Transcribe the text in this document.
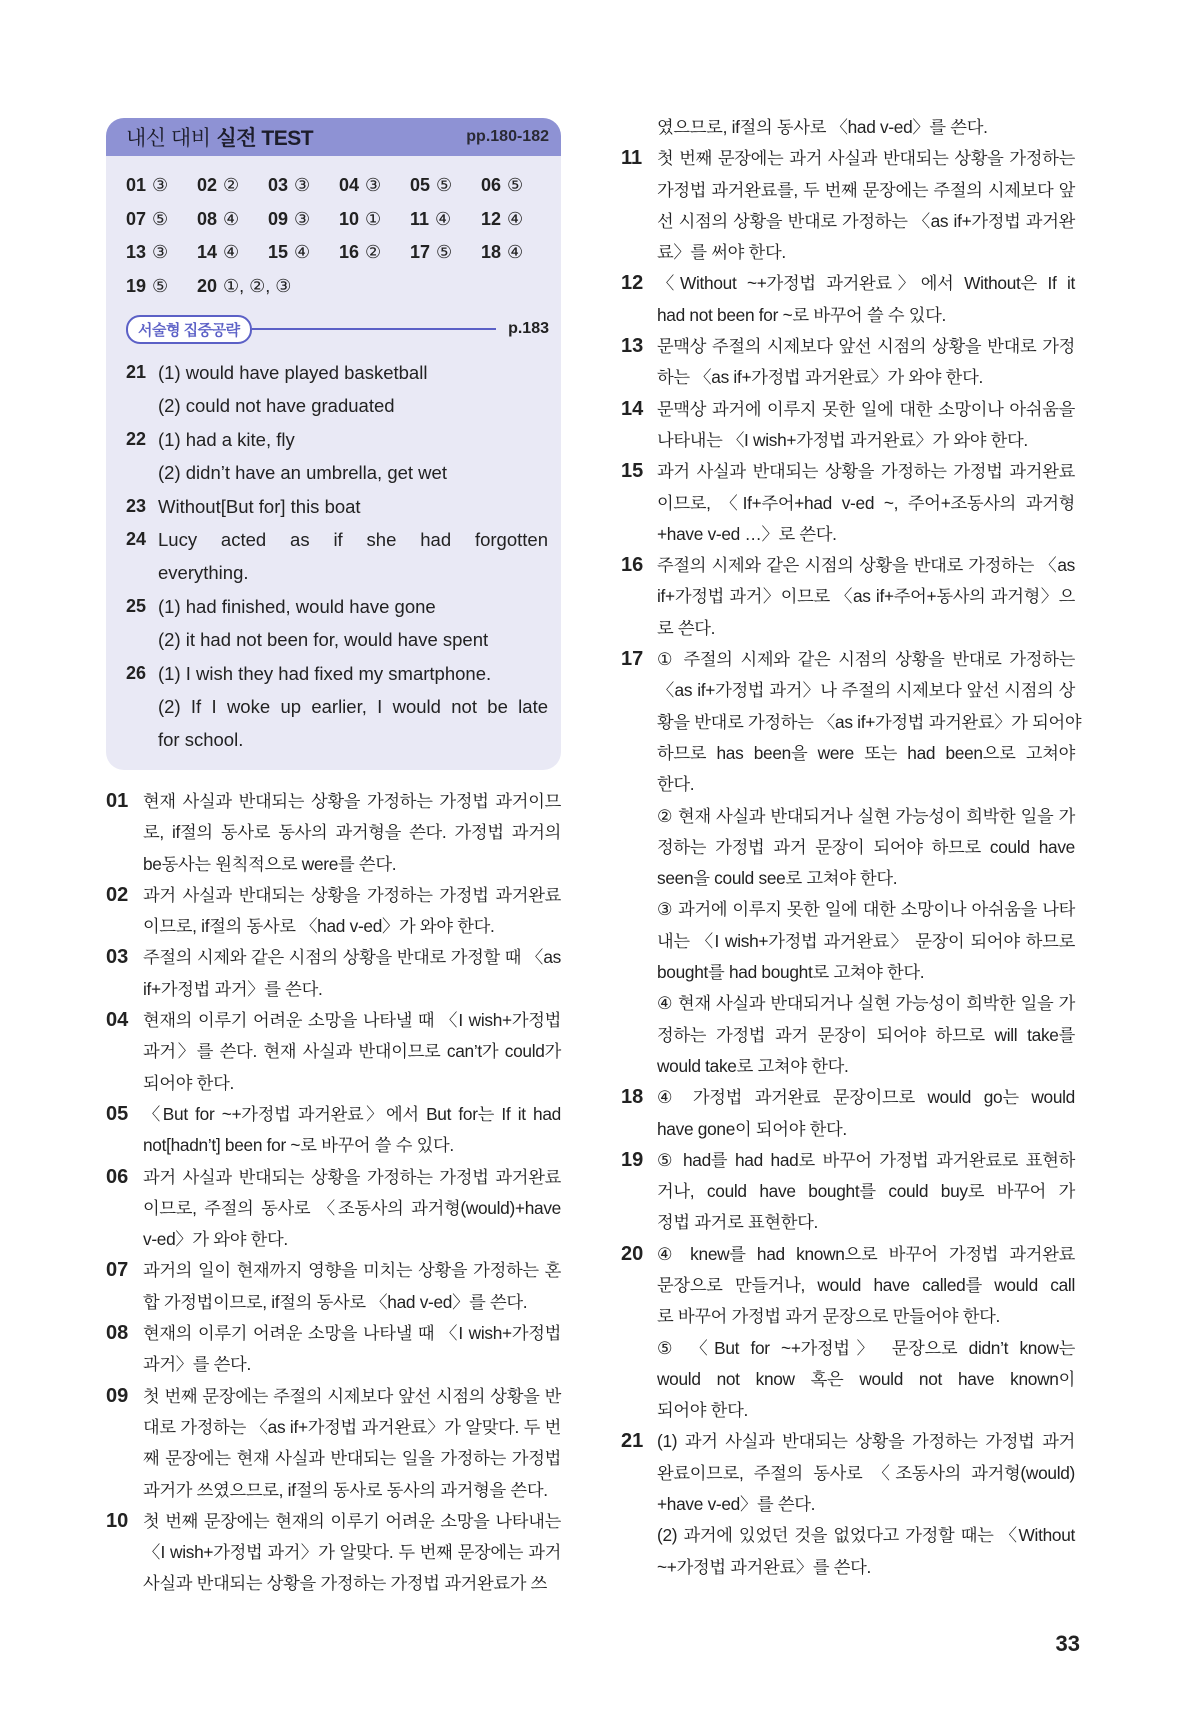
내신 대비 실전 TEST	pp.180-182
01 ③	02 ②	03 ③	04 ③	05 ⑤	06 ⑤
07 ⑤	08 ④	09 ③	10 ①	11 ④	12 ④
13 ③	14 ④	15 ④	16 ②	17 ⑤	18 ④
19 ⑤	20 ①, ②, ③
서술형 집중공략	p.183
21 (1) would have played basketball
(2) could not have graduated
22 (1) had a kite, fly
(2) didn’t have an umbrella, get wet
23 Without[But for] this boat
24 Lucy acted as if she had forgotten
everything.
25 (1) had finished, would have gone
(2) it had not been for, would have spent
26 (1) I wish they had fixed my smartphone.
(2) If I woke up earlier, I would not be late
for school.
01 현재 사실과 반대되는 상황을 가정하는 가정법 과거이므
로, if절의 동사로 동사의 과거형을 쓴다. 가정법 과거의
be동사는 원칙적으로 were를 쓴다.
02 과거 사실과 반대되는 상황을 가정하는 가정법 과거완료
이므로, if절의 동사로 〈had v-ed〉가 와야 한다.
03 주절의 시제와 같은 시점의 상황을 반대로 가정할 때 〈as
if+가정법 과거〉를 쓴다.
04 현재의 이루기 어려운 소망을 나타낼 때 〈I wish+가정법
과거〉를 쓴다. 현재 사실과 반대이므로 can’t가 could가
되어야 한다.
05 〈But for ~+가정법 과거완료〉에서 But for는 If it had
not[hadn’t] been for ~로 바꾸어 쓸 수 있다.
06 과거 사실과 반대되는 상황을 가정하는 가정법 과거완료
이므로, 주절의 동사로 〈조동사의 과거형(would)+have
v-ed〉가 와야 한다.
07 과거의 일이 현재까지 영향을 미치는 상황을 가정하는 혼
합 가정법이므로, if절의 동사로 〈had v-ed〉를 쓴다.
08 현재의 이루기 어려운 소망을 나타낼 때 〈I wish+가정법
과거〉를 쓴다.
09 첫 번째 문장에는 주절의 시제보다 앞선 시점의 상황을 반
대로 가정하는 〈as if+가정법 과거완료〉가 알맞다. 두 번
째 문장에는 현재 사실과 반대되는 일을 가정하는 가정법
과거가 쓰였으므로, if절의 동사로 동사의 과거형을 쓴다.
10 첫 번째 문장에는 현재의 이루기 어려운 소망을 나타내는
〈I wish+가정법 과거〉가 알맞다. 두 번째 문장에는 과거
사실과 반대되는 상황을 가정하는 가정법 과거완료가 쓰
였으므로, if절의 동사로 〈had v-ed〉를 쓴다.
11 첫 번째 문장에는 과거 사실과 반대되는 상황을 가정하는
가정법 과거완료를, 두 번째 문장에는 주절의 시제보다 앞
선 시점의 상황을 반대로 가정하는 〈as if+가정법 과거완
료〉를 써야 한다.
12 〈Without ~+가정법 과거완료〉에서 Without은 If it
had not been for ~로 바꾸어 쓸 수 있다.
13 문맥상 주절의 시제보다 앞선 시점의 상황을 반대로 가정
하는 〈as if+가정법 과거완료〉가 와야 한다.
14 문맥상 과거에 이루지 못한 일에 대한 소망이나 아쉬움을
나타내는 〈I wish+가정법 과거완료〉가 와야 한다.
15 과거 사실과 반대되는 상황을 가정하는 가정법 과거완료
이므로, 〈If+주어+had v-ed ~, 주어+조동사의 과거형
+have v-ed …〉로 쓴다.
16 주절의 시제와 같은 시점의 상황을 반대로 가정하는 〈as
if+가정법 과거〉이므로 〈as if+주어+동사의 과거형〉으
로 쓴다.
17 ① 주절의 시제와 같은 시점의 상황을 반대로 가정하는
〈as if+가정법 과거〉나 주절의 시제보다 앞선 시점의 상
황을 반대로 가정하는 〈as if+가정법 과거완료〉가 되어야
하므로 has been을 were 또는 had been으로 고쳐야
한다.
② 현재 사실과 반대되거나 실현 가능성이 희박한 일을 가
정하는 가정법 과거 문장이 되어야 하므로 could have
seen을 could see로 고쳐야 한다.
③ 과거에 이루지 못한 일에 대한 소망이나 아쉬움을 나타
내는 〈I wish+가정법 과거완료〉 문장이 되어야 하므로
bought를 had bought로 고쳐야 한다.
④ 현재 사실과 반대되거나 실현 가능성이 희박한 일을 가
정하는 가정법 과거 문장이 되어야 하므로 will take를
would take로 고쳐야 한다.
18 ④ 가정법 과거완료 문장이므로 would go는 would
have gone이 되어야 한다.
19 ⑤ had를 had had로 바꾸어 가정법 과거완료로 표현하
거나, could have bought를 could buy로 바꾸어 가
정법 과거로 표현한다.
20 ④ knew를 had known으로 바꾸어 가정법 과거완료
문장으로 만들거나, would have called를 would call
로 바꾸어 가정법 과거 문장으로 만들어야 한다.
⑤ 〈But for ~+가정법〉 문장으로 didn’t know는
would not know 혹은 would not have known이
되어야 한다.
21 (1) 과거 사실과 반대되는 상황을 가정하는 가정법 과거
완료이므로, 주절의 동사로 〈조동사의 과거형(would)
+have v-ed〉를 쓴다.
(2) 과거에 있었던 것을 없었다고 가정할 때는 〈Without
~+가정법 과거완료〉를 쓴다.
33
